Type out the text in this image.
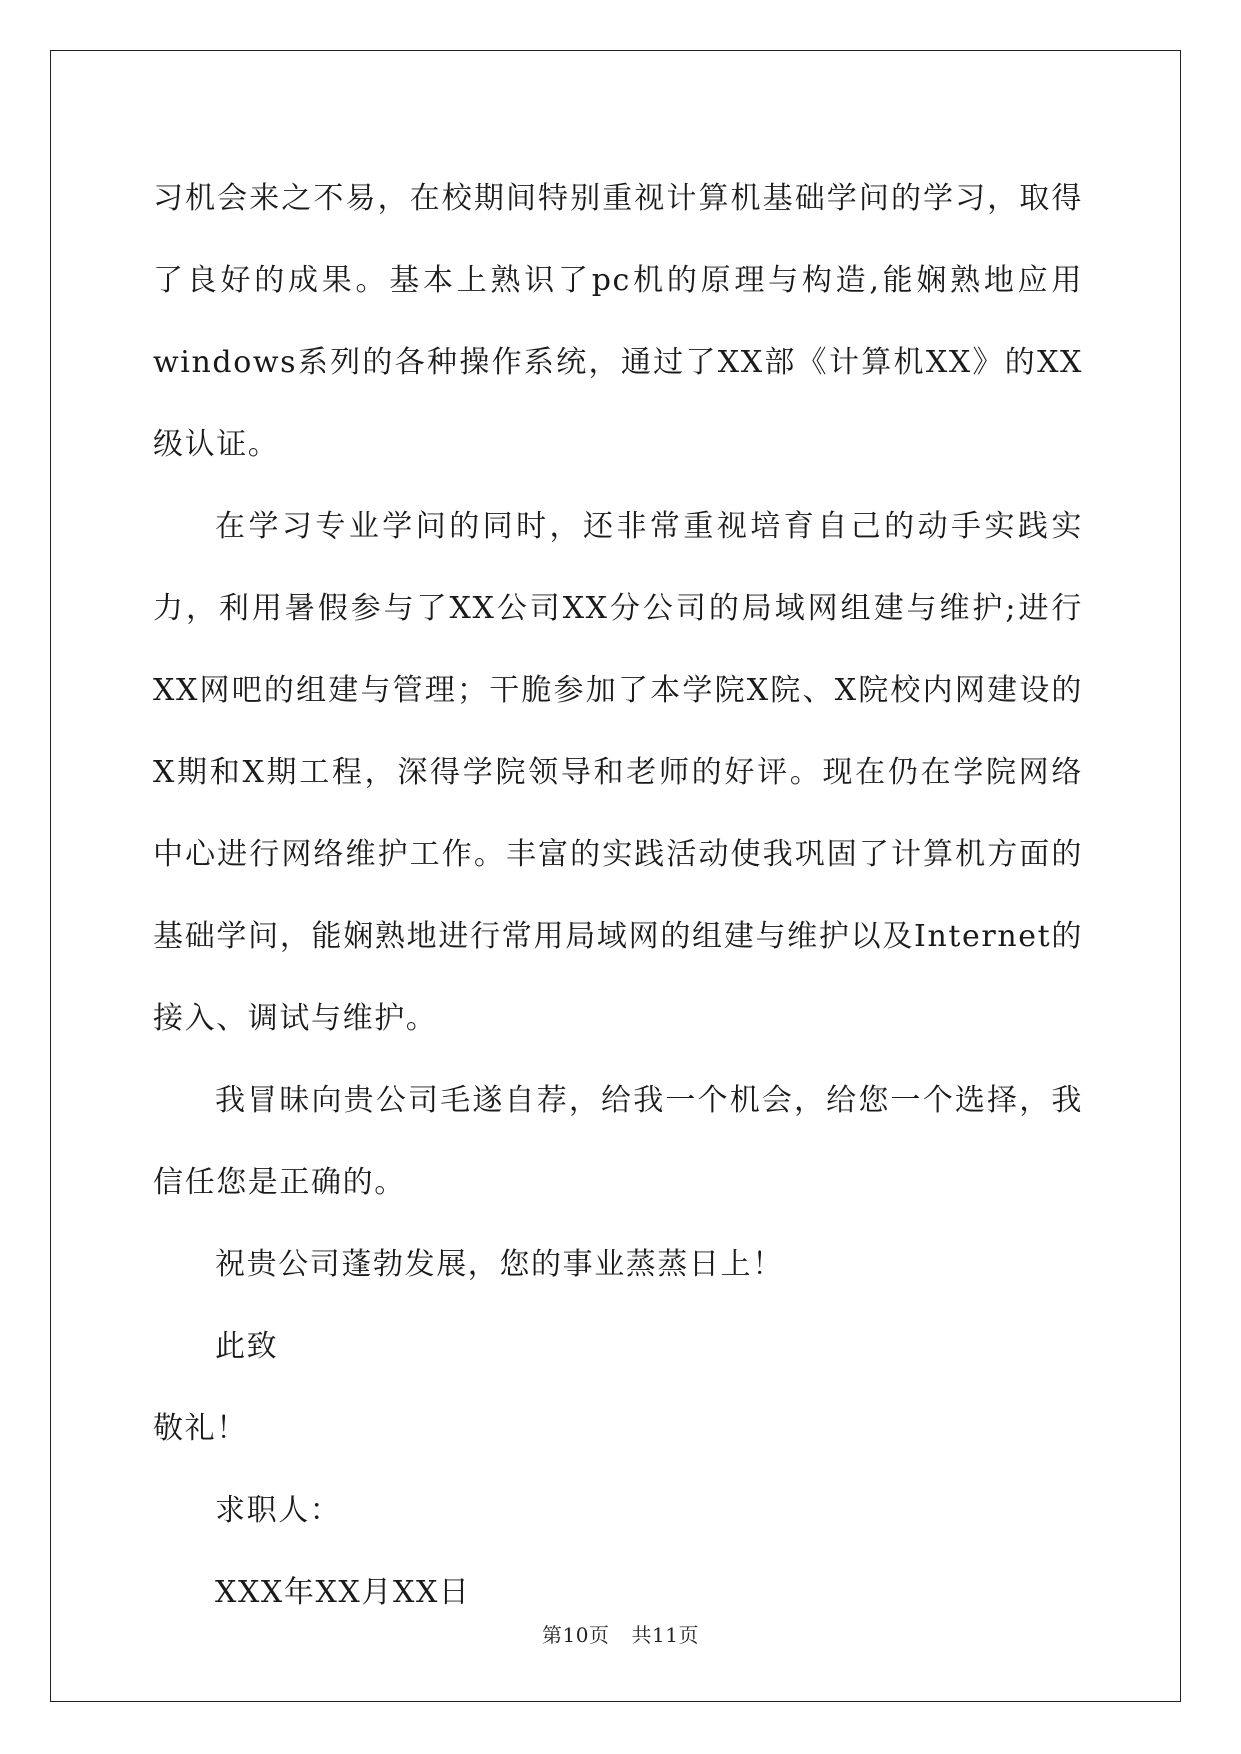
习机会来之不易，在校期间特别重视计算机基础学问的学习，取得了良好的成果。基本上熟识了pc机的原理与构造,能娴熟地应用windows系列的各种操作系统，通过了XX部《计算机XX》的XX级认证。

在学习专业学问的同时，还非常重视培育自己的动手实践实力，利用暑假参与了XX公司XX分公司的局域网组建与维护;进行XX网吧的组建与管理；干脆参加了本学院X院、X院校内网建设的X期和X期工程，深得学院领导和老师的好评。现在仍在学院网络中心进行网络维护工作。丰富的实践活动使我巩固了计算机方面的基础学问，能娴熟地进行常用局域网的组建与维护以及Internet的接入、调试与维护。

我冒昧向贵公司毛遂自荐，给我一个机会，给您一个选择，我信任您是正确的。

祝贵公司蓬勃发展，您的事业蒸蒸日上！

此致

敬礼！

求职人：

XXX年XX月XX日

第10页 共11页
